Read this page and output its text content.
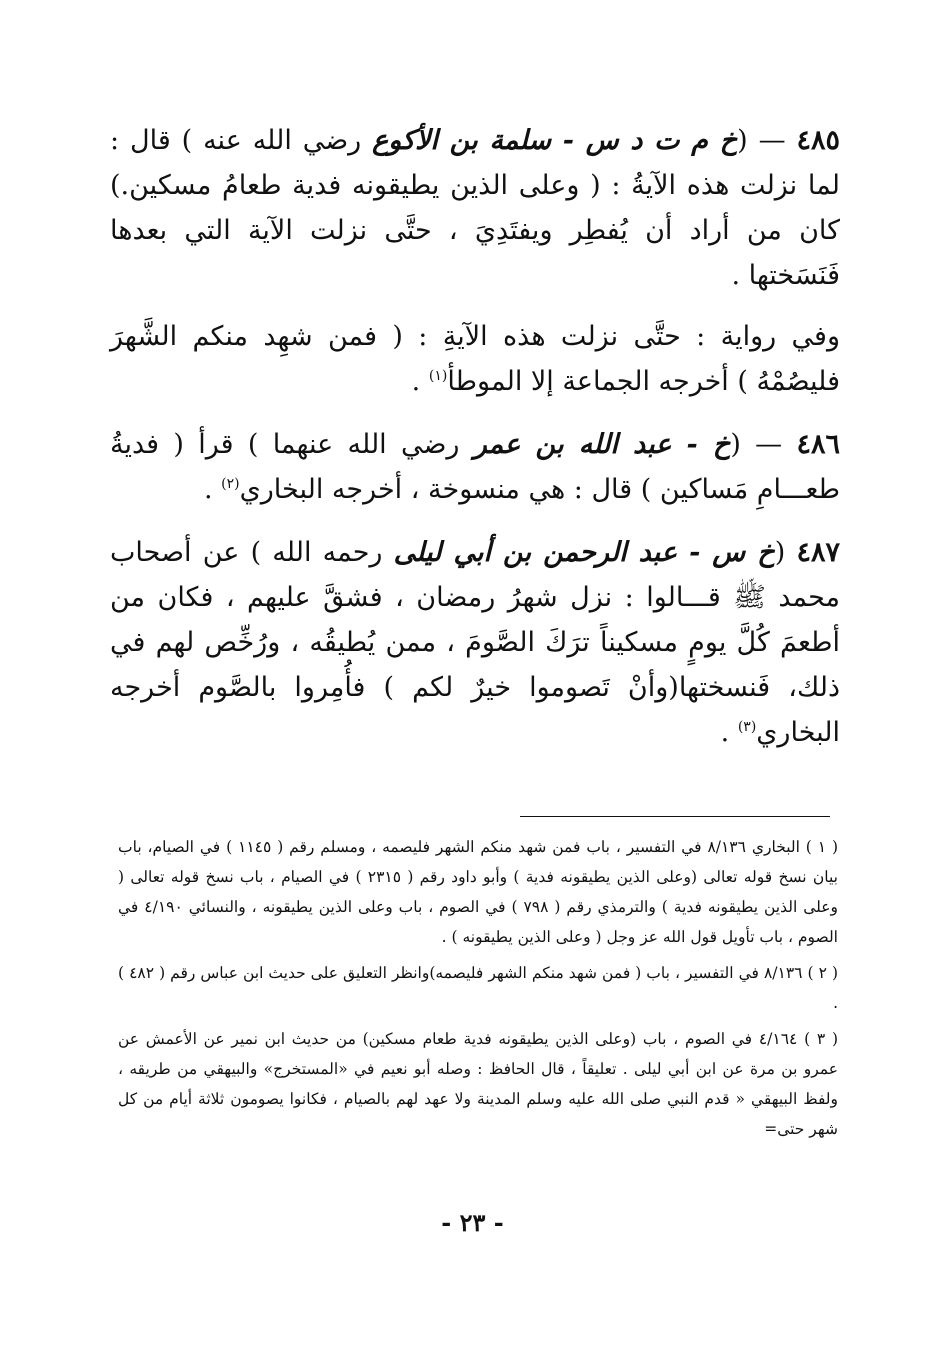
٤٨٥ — (خ م ت د س - سلمة بن الأكوع رضي الله عنه ) قال : لما نزلت هذه الآيةُ : ( وعلى الذين يطيقونه فدية طعامُ مسكين.) كان من أراد أن يُفطِر ويفتَدِيَ ، حتَّى نزلت الآية التي بعدها فَنَسَختها .

وفي رواية : حتَّى نزلت هذه الآيةِ : ( فمن شهِد منكم الشَّهرَ فليصُمْهُ ) أخرجه الجماعة إلا الموطأ$^{(١)}$ .

٤٨٦ — (خ - عبد الله بن عمر رضي الله عنهما ) قرأ ( فديةُ طعـــامِ مَساكين ) قال : هي منسوخة ، أخرجه البخاري$^{(٢)}$ .

٤٨٧ (خ س - عبد الرحمن بن أبي ليلى رحمه الله ) عن أصحاب محمد ﷺ قـــالوا : نزل شهرُ رمضان ، فشقَّ عليهم ، فكان من أطعمَ كُلَّ يومٍ مسكيناً ترَكَ الصَّومَ ، ممن يُطيقُه ، ورُخِّص لهم في ذلك، فَنسختها(وأنْ تَصوموا خيرٌ لكم ) فأُمِروا بالصَّوم أخرجه البخاري$^{(٣)}$ .

( ١ ) البخاري ٨/١٣٦ في التفسير ، باب فمن شهد منكم الشهر فليصمه ، ومسلم رقم ( ١١٤٥ ) في الصيام، باب بيان نسخ قوله تعالى (وعلى الذين يطيقونه فدية ) وأبو داود رقم ( ٢٣١٥ ) في الصيام ، باب نسخ قوله تعالى ( وعلى الذين يطيقونه فدية ) والترمذي رقم ( ٧٩٨ ) في الصوم ، باب وعلى الذين يطيقونه ، والنسائي ٤/١٩٠ في الصوم ، باب تأويل قول الله عز وجل ( وعلى الذين يطيقونه ) .

( ٢ ) ٨/١٣٦ في التفسير ، باب ( فمن شهد منكم الشهر فليصمه)وانظر التعليق على حديث ابن عباس رقم ( ٤٨٢ ) .

( ٣ ) ٤/١٦٤ في الصوم ، باب (وعلى الذين يطيقونه فدية طعام مسكين) من حديث ابن نمير عن الأعمش عن عمرو بن مرة عن ابن أبي ليلى . تعليقاً ، قال الحافظ : وصله أبو نعيم في «المستخرج» والبيهقي من طريقه ، ولفظ البيهقي « قدم النبي صلى الله عليه وسلم المدينة ولا عهد لهم بالصيام ، فكانوا يصومون ثلاثة أيام من كل شهر حتى=

- ٢٣ -
